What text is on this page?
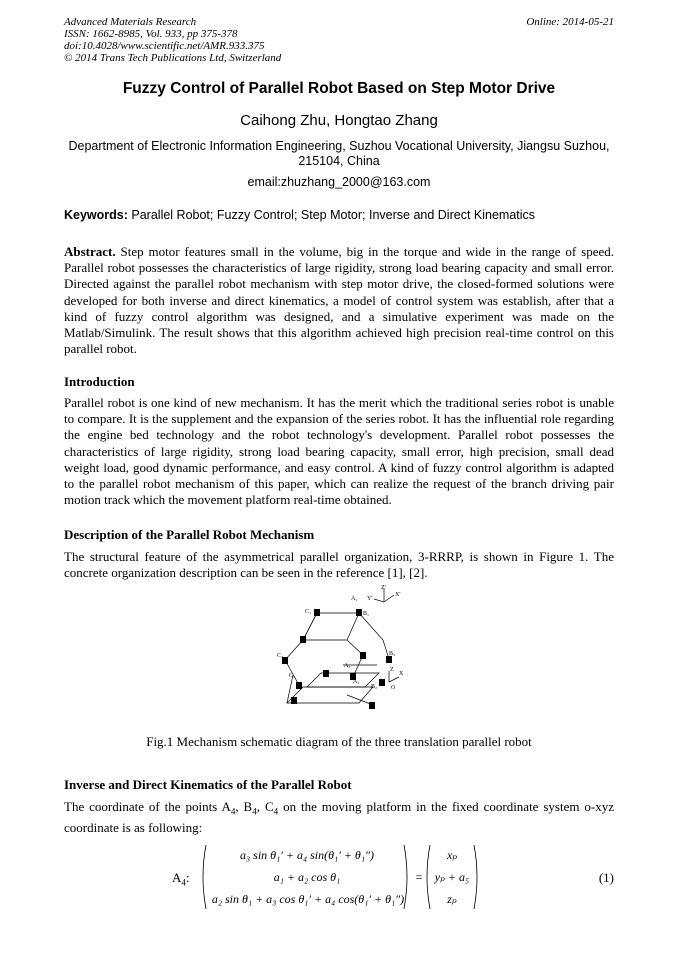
Advanced Materials Research
ISSN: 1662-8985, Vol. 933, pp 375-378
doi:10.4028/www.scientific.net/AMR.933.375
© 2014 Trans Tech Publications Ltd, Switzerland
Online: 2014-05-21
Fuzzy Control of Parallel Robot Based on Step Motor Drive
Caihong Zhu, Hongtao Zhang
Department of Electronic Information Engineering, Suzhou Vocational University, Jiangsu Suzhou,
215104, China
email:zhuzhang_2000@163.com
Keywords: Parallel Robot; Fuzzy Control; Step Motor; Inverse and Direct Kinematics

Abstract. Step motor features small in the volume, big in the torque and wide in the range of speed. Parallel robot possesses the characteristics of large rigidity, strong load bearing capacity and small error. Directed against the parallel robot mechanism with step motor drive, the closed-formed solutions were developed for both inverse and direct kinematics, a model of control system was establish, after that a kind of fuzzy control algorithm was designed, and a simulative experiment was made on the Matlab/Simulink. The result shows that this algorithm achieved high precision real-time control on this parallel robot.

Introduction

Parallel robot is one kind of new mechanism. It has the merit which the traditional series robot is unable to compare. It is the supplement and the expansion of the series robot. It has the influential role regarding the engine bed technology and the robot technology's development. Parallel robot possesses the characteristics of large rigidity, strong load bearing capacity, small error, high precision, small dead weight load, good dynamic performance, and easy control. A kind of fuzzy control algorithm is adapted to the parallel robot mechanism of this paper, which can realize the request of the branch driving pair motion track which the movement platform real-time obtained.

Description of the Parallel Robot Mechanism

The structural feature of the asymmetrical parallel organization, 3-RRRP, is shown in Figure 1. The concrete organization description can be seen in the reference [1], [2].

Z'
Y'
X'
A₁
B₁
C₁
C₂
C₃
B₃
A₂
A₃
B₂
Z
X
O
Fig.1 Mechanism schematic diagram of the three translation parallel robot
Inverse and Direct Kinematics of the Parallel Robot

The coordinate of the points $A_4$, $B_4$, $C_4$ on the moving platform in the fixed coordinate system o-xyz coordinate is as following:

$A_4$:
a₃ sin θ₁′ + a₄ sin(θ₁′ + θ₁″)
a₁ + a₂ cos θ₁
a₂ sin θ₁ + a₃ cos θ₁′ + a₄ cos(θ₁′ + θ₁″)
=
xₚ
yₚ + a₅
zₚ
(1)
